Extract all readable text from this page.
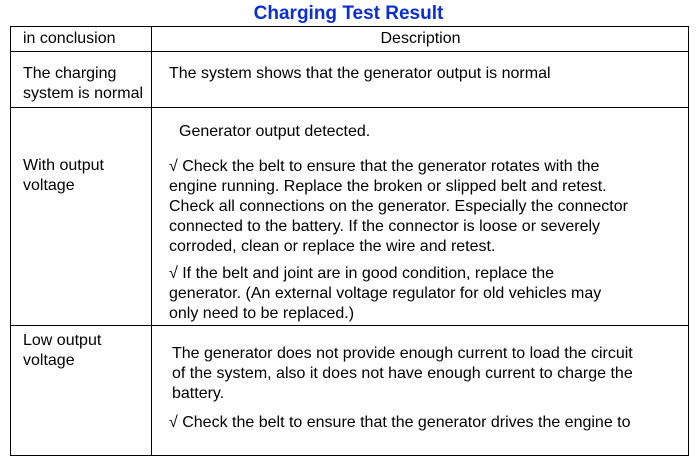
Charging Test Result
in conclusion	Description
The charging
system is normal
The system shows that the generator output is normal
With output
voltage
Generator output detected.
√ Check the belt to ensure that the generator rotates with the
engine running. Replace the broken or slipped belt and retest.
Check all connections on the generator. Especially the connector
connected to the battery. If the connector is loose or severely
corroded, clean or replace the wire and retest.
√ If the belt and joint are in good condition, replace the
generator. (An external voltage regulator for old vehicles may
only need to be replaced.)
Low output
voltage	The generator does not provide enough current to load the circuit
of the system, also it does not have enough current to charge the
battery.
√ Check the belt to ensure that the generator drives the engine to
